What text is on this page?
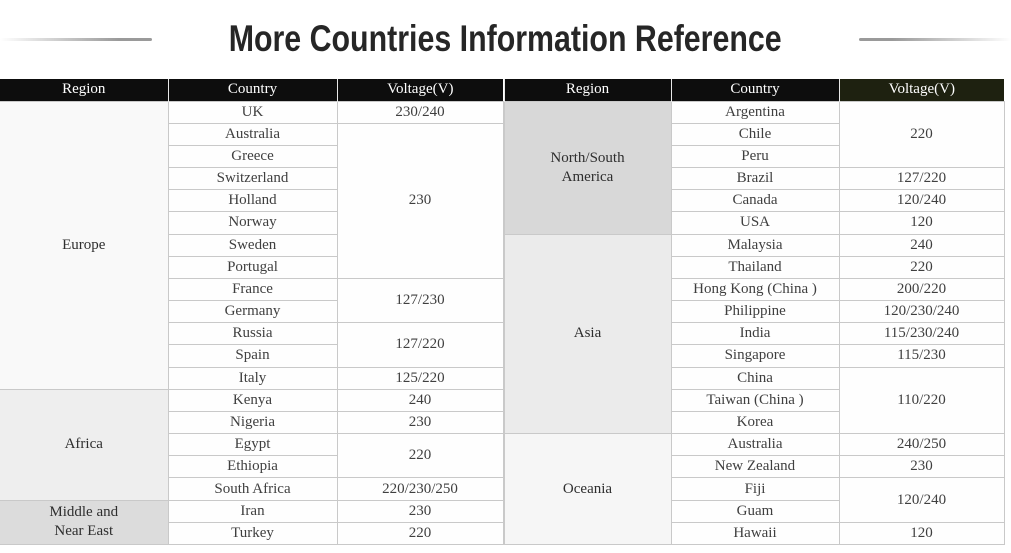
More Countries Information Reference
Region	Country	Voltage(V)

Europe	UK	230/240
	Australia	230
	Greece	
	Switzerland	
	Holland	
	Norway	
	Sweden	
	Portugal	
	France	127/230
	Germany	
	Russia	127/220
	Spain	
	Italy	125/220

Africa	Kenya	240
	Nigeria	230
	Egypt	220
	Ethiopia	
	South Africa	220/230/250

Middle and
Near East	Iran	230
	Turkey	220
Region	Country	Voltage(V)

North/South
America	Argentina	220
	Chile	
	Peru	
	Brazil	127/220
	Canada	120/240
	USA	120

Asia	Malaysia	240
	Thailand	220
	Hong Kong (China )	200/220
	Philippine	120/230/240
	India	115/230/240
	Singapore	115/230
	China	110/220
	Taiwan (China )	
	Korea	

Oceania	Australia	240/250
	New Zealand	230
	Fiji	120/240
	Guam	
	Hawaii	120
